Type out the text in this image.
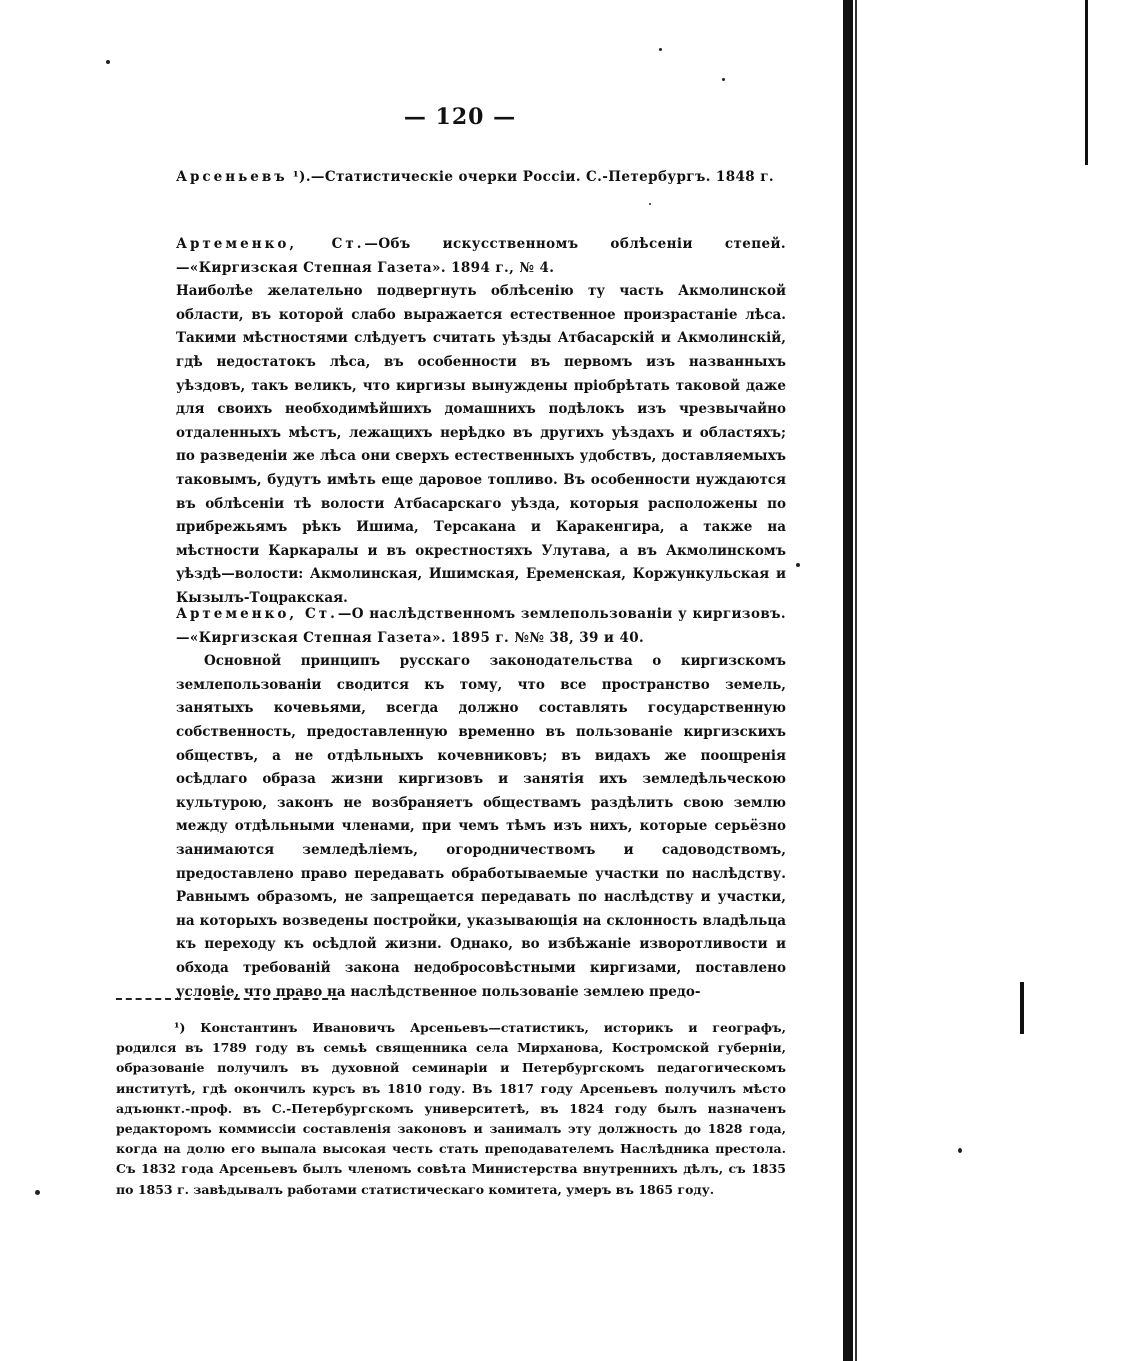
— 120 —
Арсеньевъ ¹).—Статистическіе очерки Россіи. С.-Петербургъ. 1848 г.
Артеменко, Ст.—Объ искусственномъ облѣсеніи степей.—«Киргизская Степная Газета». 1894 г., № 4.
Наиболѣе желательно подвергнуть облѣсенію ту часть Акмолинской области, въ которой слабо выражается естественное произрастаніе лѣса. Такими мѣстностями слѣдуетъ считать уѣзды Атбасарскій и Акмолинскій, гдѣ недостатокъ лѣса, въ особенности въ первомъ изъ названныхъ уѣздовъ, такъ великъ, что киргизы вынуждены пріобрѣтать таковой даже для своихъ необходимѣйшихъ домашнихъ подѣлокъ изъ чрезвычайно отдаленныхъ мѣстъ, лежащихъ нерѣдко въ другихъ уѣздахъ и областяхъ; по разведеніи же лѣса они сверхъ естественныхъ удобствъ, доставляемыхъ таковымъ, будутъ имѣть еще даровое топливо. Въ особенности нуждаются въ облѣсеніи тѣ волости Атбасарскаго уѣзда, которыя расположены по прибрежьямъ рѣкъ Ишима, Терсакана и Каракенгира, а также на мѣстности Каркаралы и въ окрестностяхъ Улутава, а въ Акмолинскомъ уѣздѣ—волости: Акмолинская, Ишимская, Еременская, Коржункульская и Кызылъ-Тоцракская.
Артеменко, Ст.—О наслѣдственномъ землепользованіи у киргизовъ.—«Киргизская Степная Газета». 1895 г. №№ 38, 39 и 40.
Основной принципъ русскаго законодательства о киргизскомъ землепользованіи сводится къ тому, что все пространство земель, занятыхъ кочевьями, всегда должно составлять государственную собственность, предоставленную временно въ пользованіе киргизскихъ обществъ, а не отдѣльныхъ кочевниковъ; въ видахъ же поощренія осѣдлаго образа жизни киргизовъ и занятія ихъ земледѣльческою культурою, законъ не возбраняетъ обществамъ раздѣлить свою землю между отдѣльными членами, при чемъ тѣмъ изъ нихъ, которые серьёзно занимаются земледѣліемъ, огородничествомъ и садоводствомъ, предоставлено право передавать обработываемые участки по наслѣдству. Равнымъ образомъ, не запрещается передавать по наслѣдству и участки, на которыхъ возведены постройки, указывающія на склонность владѣльца къ переходу къ осѣдлой жизни. Однако, во избѣжаніе изворотливости и обхода требованій закона недобросовѣстными киргизами, поставлено условіе, что право на наслѣдственное пользованіе землею предо-
¹) Константинъ Ивановичъ Арсеньевъ—статистикъ, историкъ и географъ, родился въ 1789 году въ семьѣ священника села Мирханова, Костромской губерніи, образованіе получилъ въ духовной семинаріи и Петербургскомъ педагогическомъ институтѣ, гдѣ окончилъ курсъ въ 1810 году. Въ 1817 году Арсеньевъ получилъ мѣсто адъюнкт.-проф. въ С.-Петербургскомъ университетѣ, въ 1824 году былъ назначенъ редакторомъ коммиссіи составленія законовъ и занималъ эту должность до 1828 года, когда на долю его выпала высокая честь стать преподавателемъ Наслѣдника престола. Съ 1832 года Арсеньевъ былъ членомъ совѣта Министерства внутреннихъ дѣлъ, съ 1835 по 1853 г. завѣдывалъ работами статистическаго комитета, умеръ въ 1865 году.
